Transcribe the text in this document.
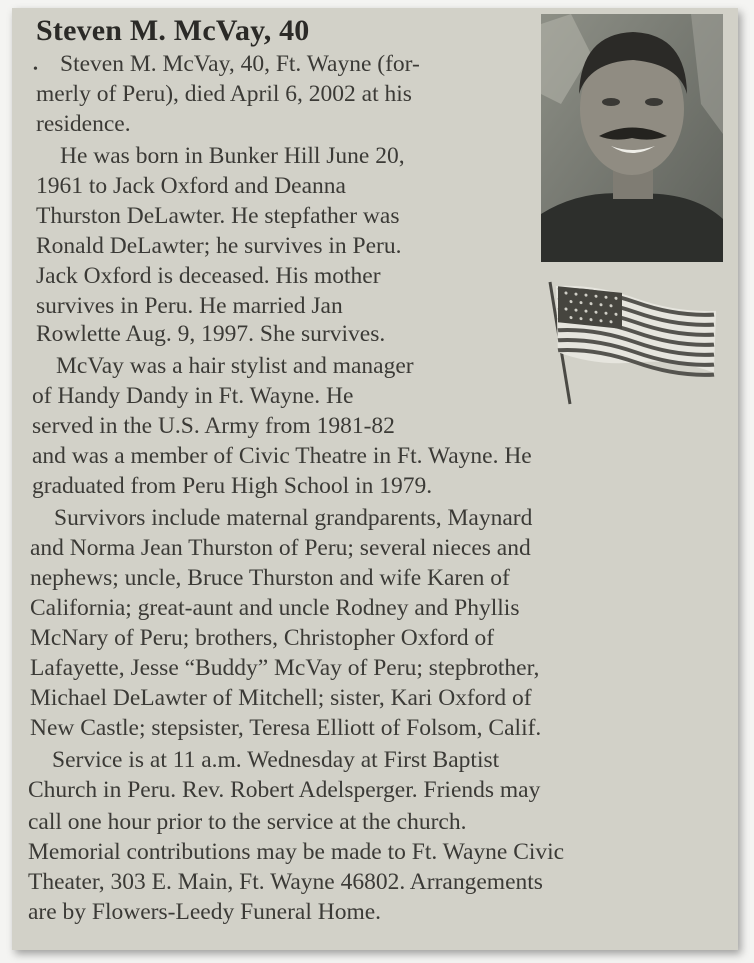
Steven M. McVay, 40
• Steven M. McVay, 40, Ft. Wayne (for-
merly of Peru), died April 6, 2002 at his
residence.
He was born in Bunker Hill June 20,
1961 to Jack Oxford and Deanna
Thurston DeLawter. He stepfather was
Ronald DeLawter; he survives in Peru.
Jack Oxford is deceased. His mother
survives in Peru. He married Jan
Rowlette Aug. 9, 1997. She survives.
McVay was a hair stylist and manager
of Handy Dandy in Ft. Wayne. He
served in the U.S. Army from 1981-82
and was a member of Civic Theatre in Ft. Wayne. He
graduated from Peru High School in 1979.
Survivors include maternal grandparents, Maynard
and Norma Jean Thurston of Peru; several nieces and
nephews; uncle, Bruce Thurston and wife Karen of
California; great-aunt and uncle Rodney and Phyllis
McNary of Peru; brothers, Christopher Oxford of
Lafayette, Jesse “Buddy” McVay of Peru; stepbrother,
Michael DeLawter of Mitchell; sister, Kari Oxford of
New Castle; stepsister, Teresa Elliott of Folsom, Calif.
Service is at 11 a.m. Wednesday at First Baptist
Church in Peru. Rev. Robert Adelsperger. Friends may
call one hour prior to the service at the church.
Memorial contributions may be made to Ft. Wayne Civic
Theater, 303 E. Main, Ft. Wayne 46802. Arrangements
are by Flowers-Leedy Funeral Home.
